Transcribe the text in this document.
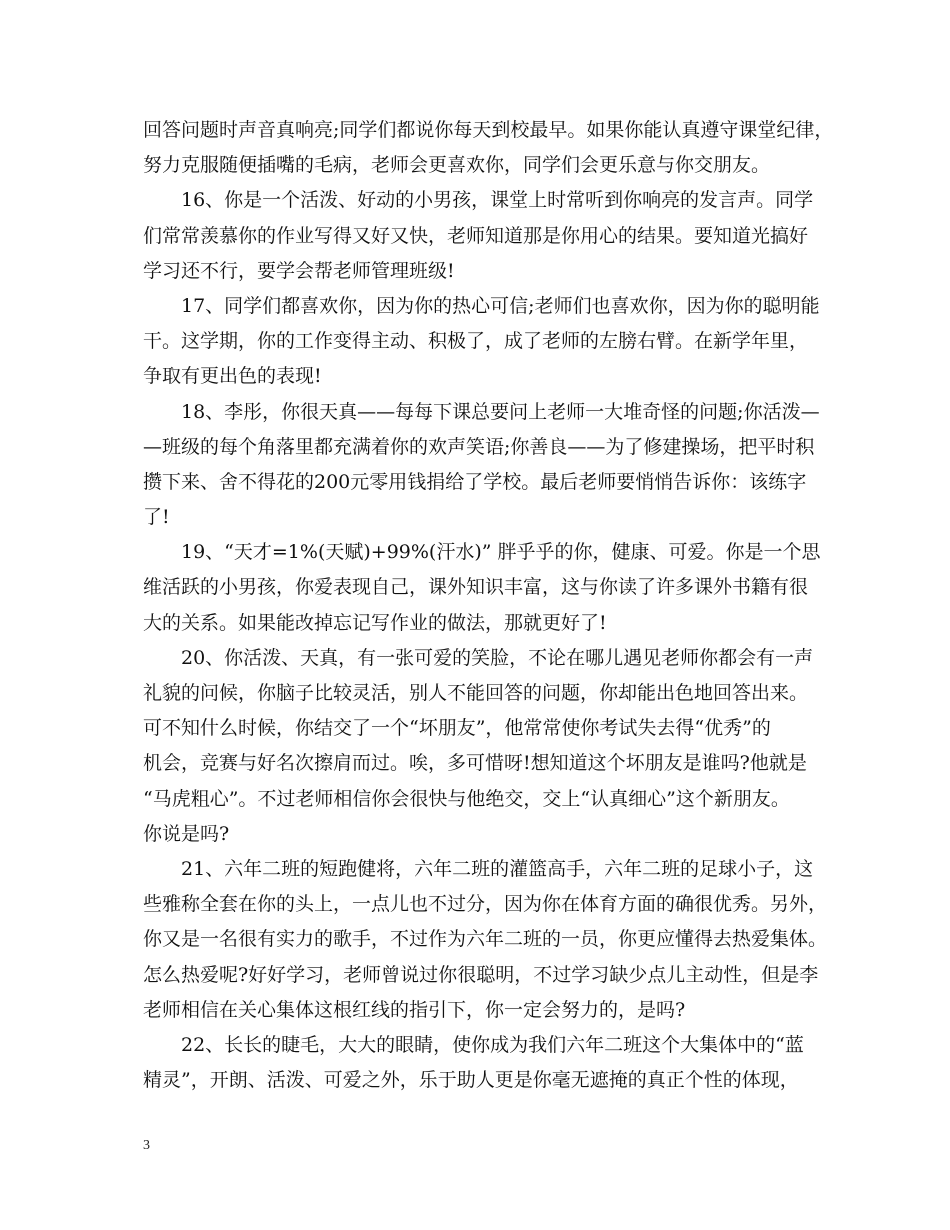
回答问题时声音真响亮;同学们都说你每天到校最早。如果你能认真遵守课堂纪律，
努力克服随便插嘴的毛病，老师会更喜欢你，同学们会更乐意与你交朋友。
16、你是一个活泼、好动的小男孩，课堂上时常听到你响亮的发言声。同学
们常常羡慕你的作业写得又好又快，老师知道那是你用心的结果。要知道光搞好
学习还不行，要学会帮老师管理班级!
17、同学们都喜欢你，因为你的热心可信;老师们也喜欢你，因为你的聪明能
干。这学期，你的工作变得主动、积极了，成了老师的左膀右臂。在新学年里，
争取有更出色的表现!
18、李彤，你很天真——每每下课总要问上老师一大堆奇怪的问题;你活泼—
—班级的每个角落里都充满着你的欢声笑语;你善良——为了修建操场，把平时积
攒下来、舍不得花的200元零用钱捐给了学校。最后老师要悄悄告诉你：该练字
了!
19、“天才=1%(天赋)+99%(汗水)” 胖乎乎的你，健康、可爱。你是一个思
维活跃的小男孩，你爱表现自己，课外知识丰富，这与你读了许多课外书籍有很
大的关系。如果能改掉忘记写作业的做法，那就更好了!
20、你活泼、天真，有一张可爱的笑脸，不论在哪儿遇见老师你都会有一声
礼貌的问候，你脑子比较灵活，别人不能回答的问题，你却能出色地回答出来。
可不知什么时候，你结交了一个“坏朋友”，他常常使你考试失去得“优秀”的
机会，竞赛与好名次擦肩而过。唉，多可惜呀!想知道这个坏朋友是谁吗?他就是
“马虎粗心”。不过老师相信你会很快与他绝交，交上“认真细心”这个新朋友。
你说是吗?
21、六年二班的短跑健将，六年二班的灌篮高手，六年二班的足球小子，这
些雅称全套在你的头上，一点儿也不过分，因为你在体育方面的确很优秀。另外，
你又是一名很有实力的歌手，不过作为六年二班的一员，你更应懂得去热爱集体。
怎么热爱呢?好好学习，老师曾说过你很聪明，不过学习缺少点儿主动性，但是李
老师相信在关心集体这根红线的指引下，你一定会努力的，是吗?
22、长长的睫毛，大大的眼睛，使你成为我们六年二班这个大集体中的“蓝
精灵”，开朗、活泼、可爱之外，乐于助人更是你毫无遮掩的真正个性的体现，
3
